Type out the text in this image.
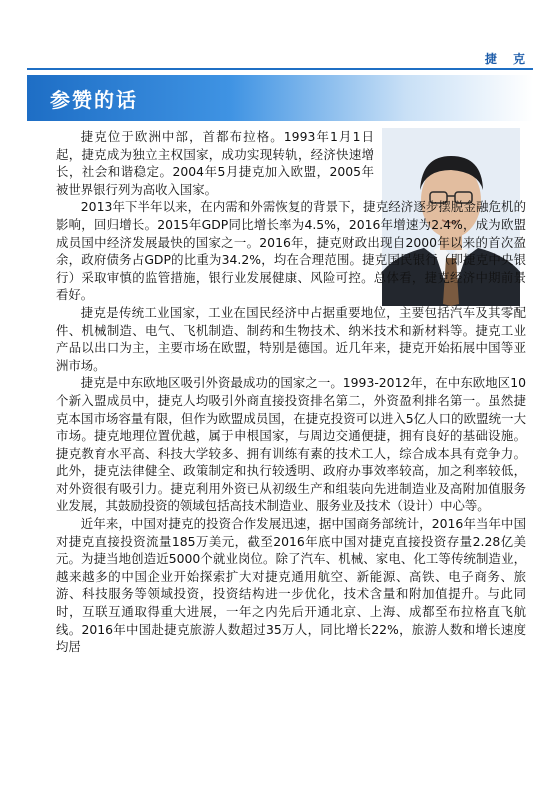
捷 克
参赞的话

捷克位于欧洲中部，首都布拉格。1993年1月1日起，捷克成为独立主权国家，成功实现转轨，经济快速增长，社会和谐稳定。2004年5月捷克加入欧盟，2005年被世界银行列为高收入国家。

2013年下半年以来，在内需和外需恢复的背景下，捷克经济逐步摆脱金融危机的影响，回归增长。2015年GDP同比增长率为4.5%，2016年增速为2.4%，成为欧盟成员国中经济发展最快的国家之一。2016年，捷克财政出现自2000年以来的首次盈余，政府债务占GDP的比重为34.2%，均在合理范围。捷克国民银行（即捷克中央银行）采取审慎的监管措施，银行业发展健康、风险可控。总体看，捷克经济中期前景看好。

捷克是传统工业国家，工业在国民经济中占据重要地位，主要包括汽车及其零配件、机械制造、电气、飞机制造、制药和生物技术、纳米技术和新材料等。捷克工业产品以出口为主，主要市场在欧盟，特别是德国。近几年来，捷克开始拓展中国等亚洲市场。

捷克是中东欧地区吸引外资最成功的国家之一。1993-2012年，在中东欧地区10个新入盟成员中，捷克人均吸引外商直接投资排名第二，外资盈利排名第一。虽然捷克本国市场容量有限，但作为欧盟成员国，在捷克投资可以进入5亿人口的欧盟统一大市场。捷克地理位置优越，属于申根国家，与周边交通便捷，拥有良好的基础设施。捷克教育水平高、科技大学较多、拥有训练有素的技术工人，综合成本具有竞争力。此外，捷克法律健全、政策制定和执行较透明、政府办事效率较高，加之利率较低，对外资很有吸引力。捷克利用外资已从初级生产和组装向先进制造业及高附加值服务业发展，其鼓励投资的领域包括高技术制造业、服务业及技术（设计）中心等。

近年来，中国对捷克的投资合作发展迅速，据中国商务部统计，2016年当年中国对捷克直接投资流量185万美元，截至2016年底中国对捷克直接投资存量2.28亿美元。为捷当地创造近5000个就业岗位。除了汽车、机械、家电、化工等传统制造业，越来越多的中国企业开始探索扩大对捷克通用航空、新能源、高铁、电子商务、旅游、科技服务等领域投资，投资结构进一步优化，技术含量和附加值提升。与此同时，互联互通取得重大进展，一年之内先后开通北京、上海、成都至布拉格直飞航线。2016年中国赴捷克旅游人数超过35万人，同比增长22%，旅游人数和增长速度均居
